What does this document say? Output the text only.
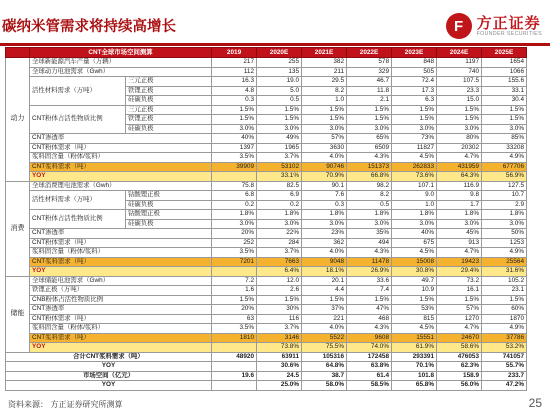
碳纳米管需求将持续高增长	F 方正证券
FOUNDER SECURITIES
	CNT全球市场空间测算		2019	2020E	2021E	2022E	2023E	2024E	2025E
动力	全球新能源汽车产量（万辆）		217	255	382	578	848	1197	1654
	全球动力电池需求（Gwh）		112	135	211	329	505	740	1066
	活性材料需求（万吨）	三元正极	16.3	19.0	29.5	46.7	72.4	107.5	155.6
		铁锂正极	4.8	5.0	8.2	11.8	17.3	23.3	33.1
		硅碳负极	0.3	0.5	1.0	2.1	6.3	15.0	30.4
	CNT粉体占活性物质比例	三元正极	1.5%	1.5%	1.5%	1.5%	1.5%	1.5%	1.5%
		铁锂正极	1.5%	1.5%	1.5%	1.5%	1.5%	1.5%	1.5%
		硅碳负极	3.0%	3.0%	3.0%	3.0%	3.0%	3.0%	3.0%
	CNT渗透率		40%	49%	57%	65%	73%	80%	85%
	CNT粉体需求（吨）		1397	1965	3630	6509	11827	20302	33208
	浆料固含量（粉体/浆料）		3.5%	3.7%	4.0%	4.3%	4.5%	4.7%	4.9%
	CNT浆料需求（吨）		39909	53102	90746	151373	262833	431959	677706
	YOY			33.1%	70.9%	66.8%	73.6%	64.3%	56.9%
消费	全球消费锂电池需求（Gwh）		75.8	82.5	90.1	98.2	107.1	116.9	127.5
	活性材料需求（万吨）	钴酸锂正极	6.8	6.9	7.6	8.2	9.0	9.8	10.7
		硅碳负极	0.2	0.2	0.3	0.5	1.0	1.7	2.9
	CNT粉体占活性物质比例	钴酸锂正极	1.8%	1.8%	1.8%	1.8%	1.8%	1.8%	1.8%
		硅碳负极	3.0%	3.0%	3.0%	3.0%	3.0%	3.0%	3.0%
	CNT渗透率		20%	22%	23%	35%	40%	45%	50%
	CNT粉体需求（吨）		252	284	362	494	675	913	1253
	浆料固含量（粉体/浆料）		3.5%	3.7%	4.0%	4.3%	4.5%	4.7%	4.9%
	CNT浆料需求（吨）		7201	7663	9048	11478	15008	19423	25564
	YOY			6.4%	18.1%	26.9%	30.8%	29.4%	31.6%
储能	全球储能电池需求（Gwh）		7.2	12.0	20.1	33.6	49.7	73.2	105.2
	铁锂正极（万吨）		1.6	2.6	4.4	7.4	10.9	16.1	23.1
	CNB粉体占活性物质比例		1.5%	1.5%	1.5%	1.5%	1.5%	1.5%	1.5%
	CNT渗透率		20%	30%	37%	47%	53%	57%	60%
	CNT粉体需求（吨）		63	116	221	468	815	1270	1870
	浆料固含量（粉体/浆料）		3.5%	3.7%	4.0%	4.3%	4.5%	4.7%	4.9%
	CNT浆料需求（吨）		1810	3146	5522	9608	15551	24670	37786
	YOY			73.8%	75.5%	74.0%	61.9%	58.6%	53.2%
合计CNT浆料需求（吨）			48920	63911	105316	172458	293391	476053	741057
YOY				30.6%	64.8%	63.8%	70.1%	62.3%	55.7%
市场空间（亿元）			19.6	24.5	38.7	61.4	101.8	158.9	233.7
YOY				25.0%	58.0%	58.5%	65.8%	56.0%	47.2%
资料来源： 方正证券研究所测算	25
